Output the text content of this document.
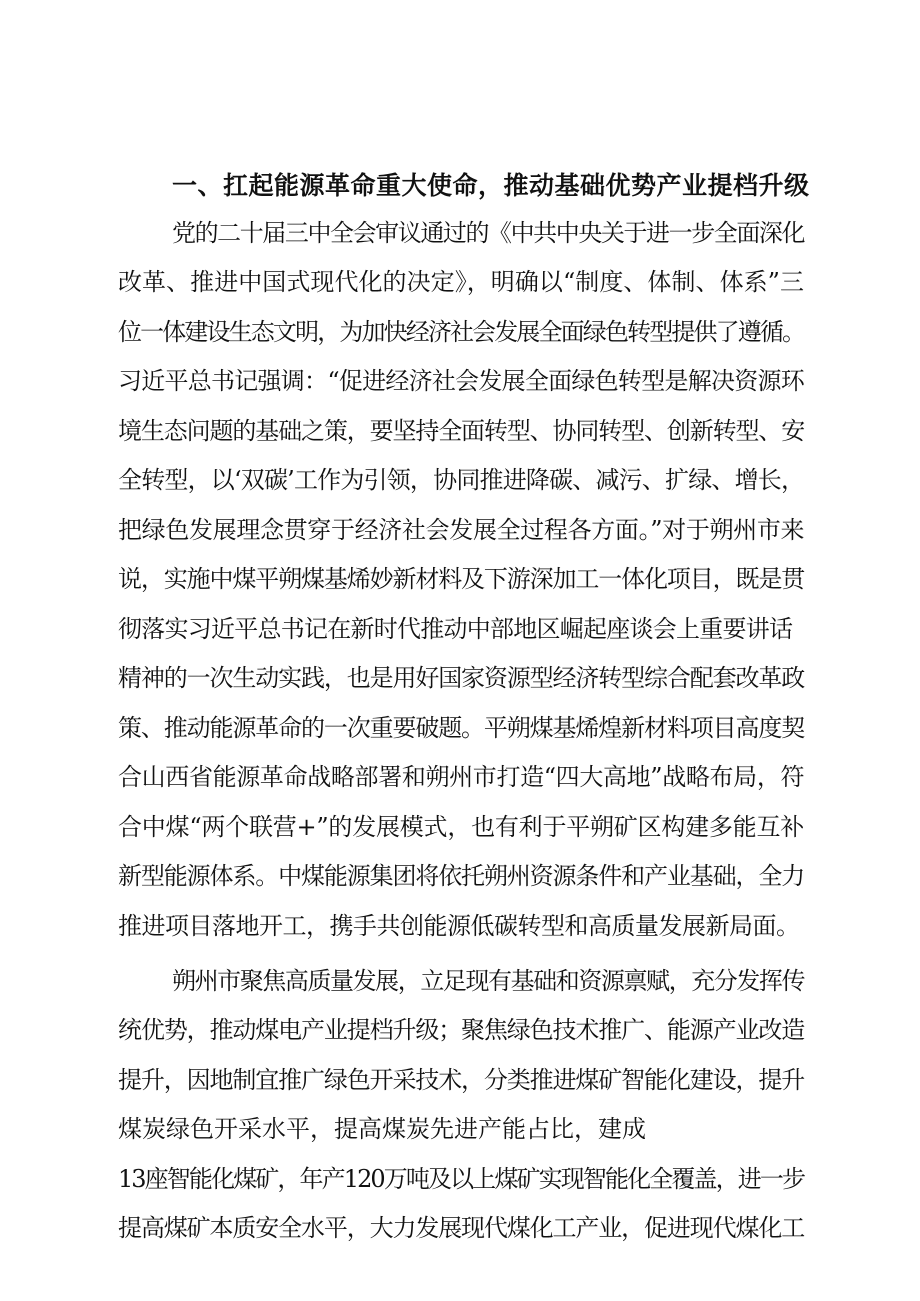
一、扛起能源革命重大使命，推动基础优势产业提档升级
党的二十届三中全会审议通过的《中共中央关于进一步全面深化
改革、推进中国式现代化的决定》，明确以“制度、体制、体系”三
位一体建设生态文明，为加快经济社会发展全面绿色转型提供了遵循。
习近平总书记强调：“促进经济社会发展全面绿色转型是解决资源环
境生态问题的基础之策，要坚持全面转型、协同转型、创新转型、安
全转型，以‘双碳’工作为引领，协同推进降碳、减污、扩绿、增长，
把绿色发展理念贯穿于经济社会发展全过程各方面。”对于朔州市来
说，实施中煤平朔煤基烯妙新材料及下游深加工一体化项目，既是贯
彻落实习近平总书记在新时代推动中部地区崛起座谈会上重要讲话
精神的一次生动实践，也是用好国家资源型经济转型综合配套改革政
策、推动能源革命的一次重要破题。平朔煤基烯煌新材料项目高度契
合山西省能源革命战略部署和朔州市打造“四大高地”战略布局，符
合中煤“两个联营+”的发展模式，也有利于平朔矿区构建多能互补
新型能源体系。中煤能源集团将依托朔州资源条件和产业基础，全力
推进项目落地开工，携手共创能源低碳转型和高质量发展新局面。
朔州市聚焦高质量发展，立足现有基础和资源禀赋，充分发挥传
统优势，推动煤电产业提档升级；聚焦绿色技术推广、能源产业改造
提升，因地制宜推广绿色开采技术，分类推进煤矿智能化建设，提升
煤炭绿色开采水平，提高煤炭先进产能占比，建成
13座智能化煤矿，年产120万吨及以上煤矿实现智能化全覆盖，进一步
提高煤矿本质安全水平，大力发展现代煤化工产业，促进现代煤化工
